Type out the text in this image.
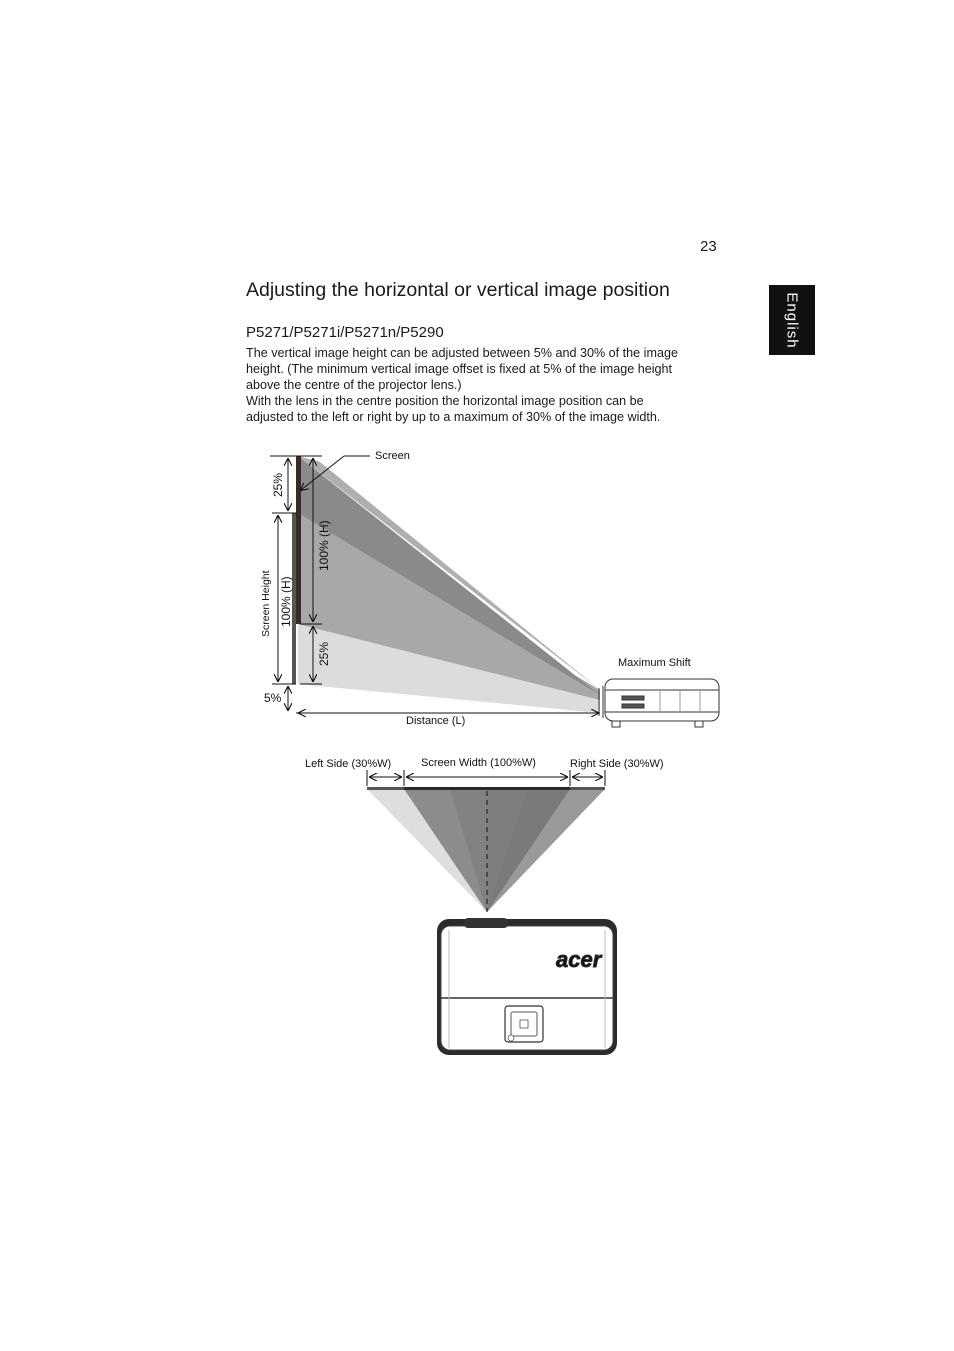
23
English
Adjusting the horizontal or vertical image position
P5271/P5271i/P5271n/P5290

The vertical image height can be adjusted between 5% and 30% of the image

height. (The minimum vertical image offset is fixed at 5% of the image height

above the centre of the projector lens.)

With the lens in the centre position the horizontal image position can be

adjusted to the left or right by up to a maximum of 30% of the image width.

Screen
25%
100% (H)
100% (H)
Screen Height
25%
5%
Maximum Shift
Distance (L)
Left Side (30%W)	Screen Width (100%W)	Right Side (30%W)
acer
